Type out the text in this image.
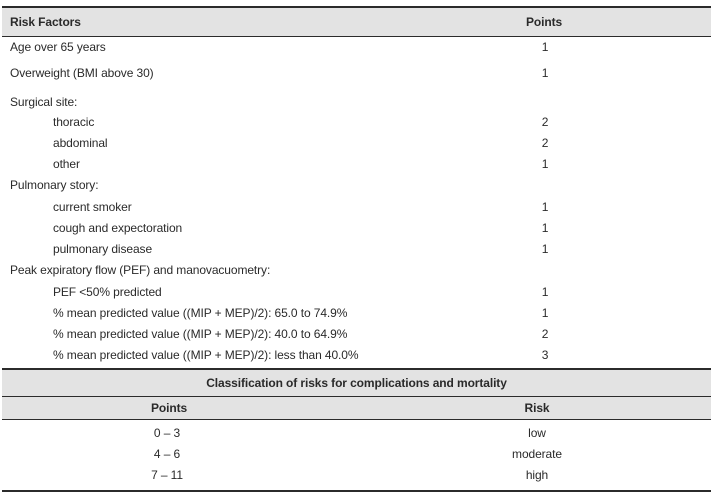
Risk Factors	Points
Age over 65 years	1
Overweight (BMI above 30)	1
Surgical site:
thoracic	2
abdominal	2
other	1
Pulmonary story:
current smoker	1
cough and expectoration	1
pulmonary disease	1
Peak expiratory flow (PEF) and manovacuometry:
PEF <50% predicted	1
% mean predicted value ((MIP + MEP)/2): 65.0 to 74.9%	1
% mean predicted value ((MIP + MEP)/2): 40.0 to 64.9%	2
% mean predicted value ((MIP + MEP)/2): less than 40.0%	3
Classification of risks for complications and mortality
Points	Risk
0 – 3	low
4 – 6	moderate
7 – 11	high
